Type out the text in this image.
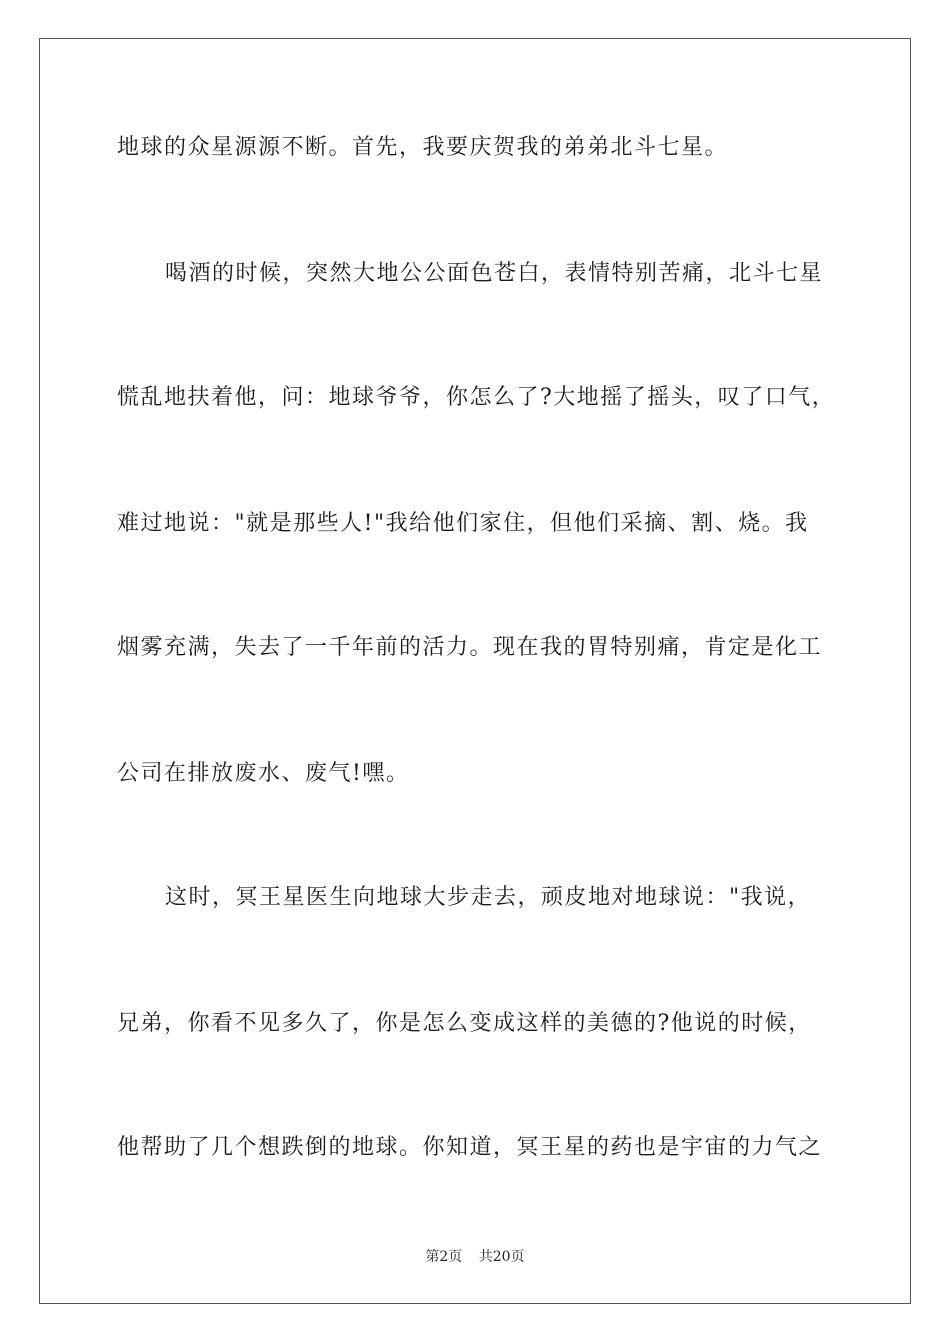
地球的众星源源不断。首先，我要庆贺我的弟弟北斗七星。
喝酒的时候，突然大地公公面色苍白，表情特别苦痛，北斗七星
慌乱地扶着他，问：地球爷爷，你怎么了?大地摇了摇头，叹了口气，
难过地说："就是那些人!"我给他们家住，但他们采摘、割、烧。我
烟雾充满，失去了一千年前的活力。现在我的胃特别痛，肯定是化工
公司在排放废水、废气!嘿。
这时，冥王星医生向地球大步走去，顽皮地对地球说："我说，
兄弟，你看不见多久了，你是怎么变成这样的美德的?他说的时候，
他帮助了几个想跌倒的地球。你知道，冥王星的药也是宇宙的力气之
第2页 共20页
